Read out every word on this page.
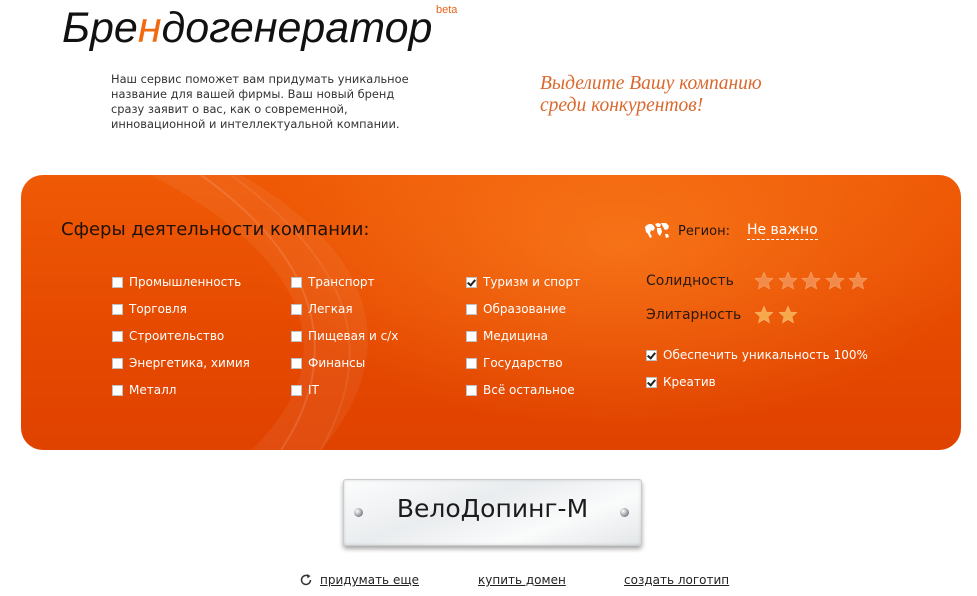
Брендогенератор beta
Наш сервис поможет вам придумать уникальное название для вашей фирмы. Ваш новый бренд сразу заявит о вас, как о современной, инновационной и интеллектуальной компании.
Выделите Вашу компанию
среди конкурентов!
Сферы деятельности компании:
Промышленность
Торговля
Строительство
Энергетика, химия
Металл
Транспорт
Легкая
Пищевая и с/х
Финансы
IT
Туризм и спорт
Образование
Медицина
Государство
Всё остальное
Регион: Не важно
Солидность
Элитарность
Обеспечить уникальность 100%
Креатив
ВелоДопинг-М
придумать еще	купить домен	создать логотип
